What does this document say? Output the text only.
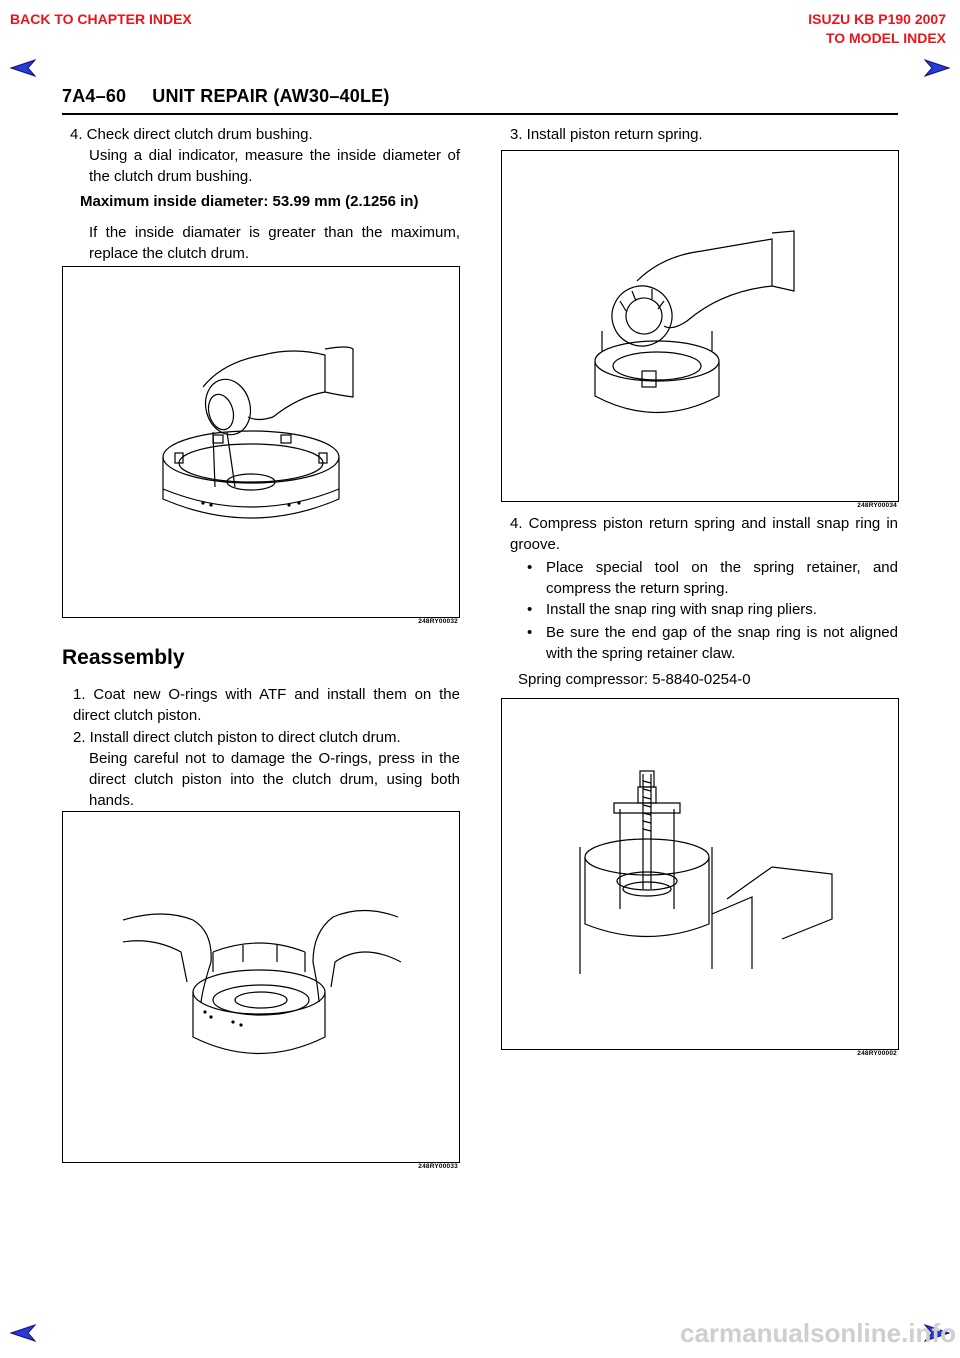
BACK TO CHAPTER INDEX	ISUZU KB P190 2007
TO MODEL INDEX
7A4–60     UNIT REPAIR (AW30–40LE)
4. Check direct clutch drum bushing.
Using a dial indicator, measure the inside diameter of the clutch drum bushing.
Maximum inside diameter: 53.99 mm (2.1256 in)
If the inside diamater is greater than the maximum, replace the clutch drum.
248RY00032
Reassembly
1. Coat new O-rings with ATF and install them on the direct clutch piston.
2. Install direct clutch piston to direct clutch drum.
Being careful not to damage the O-rings, press in the direct clutch piston into the clutch drum, using both hands.
248RY00033
3. Install piston return spring.
248RY00034
4. Compress piston return spring and install snap ring in groove.
• Place special tool on the spring retainer, and compress the return spring.
• Install the snap ring with snap ring pliers.
• Be sure the end gap of the snap ring is not aligned with the spring retainer claw.
Spring compressor: 5-8840-0254-0
248RY00002
carmanualsonline.info
